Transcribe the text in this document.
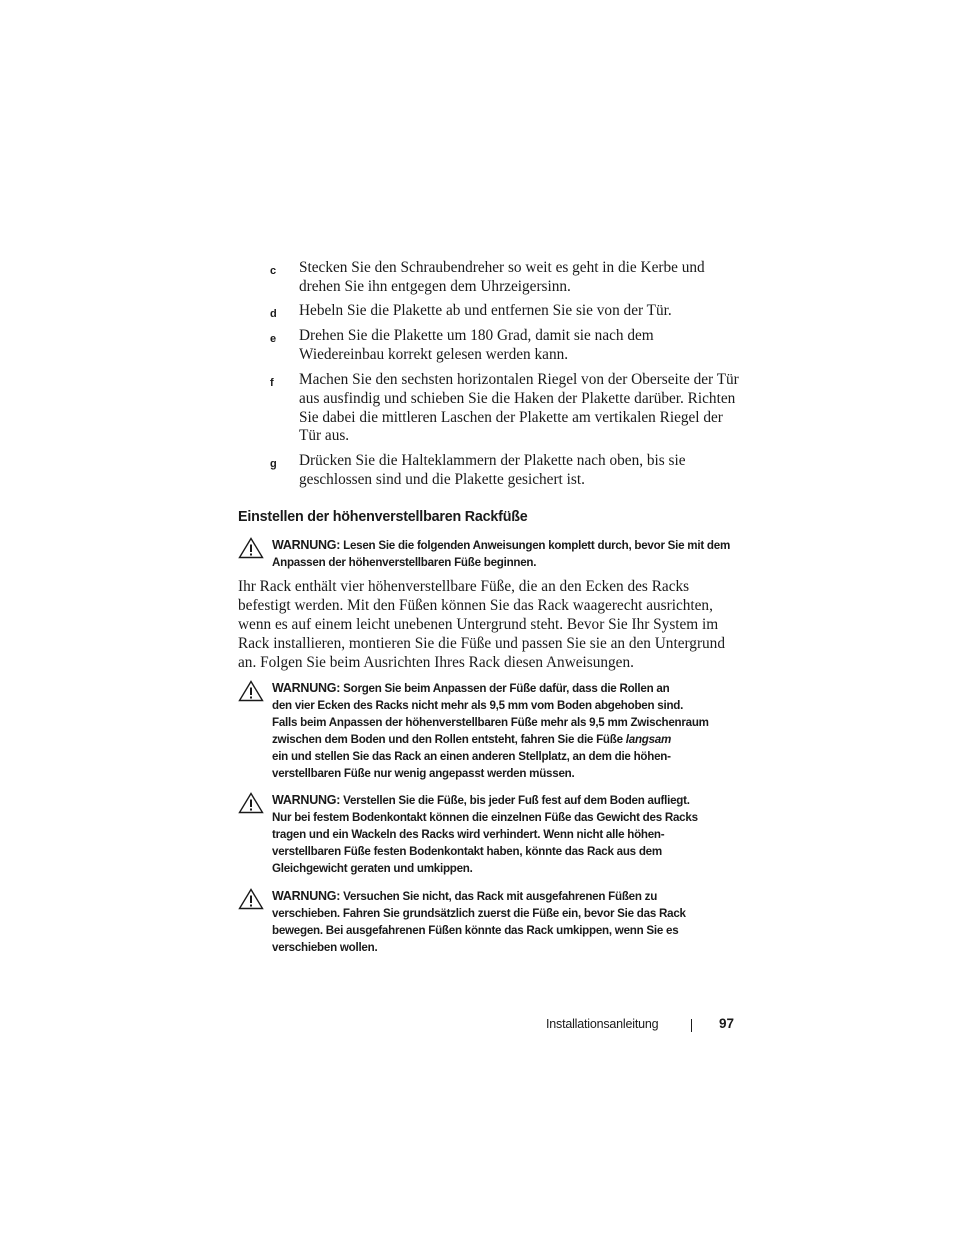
c	Stecken Sie den Schraubendreher so weit es geht in die Kerbe und drehen Sie ihn entgegen dem Uhrzeigersinn.
d	Hebeln Sie die Plakette ab und entfernen Sie sie von der Tür.
e	Drehen Sie die Plakette um 180 Grad, damit sie nach dem Wiedereinbau korrekt gelesen werden kann.
f	Machen Sie den sechsten horizontalen Riegel von der Oberseite der Tür aus ausfindig und schieben Sie die Haken der Plakette darüber. Richten Sie dabei die mittleren Laschen der Plakette am vertikalen Riegel der Tür aus.
g	Drücken Sie die Halteklammern der Plakette nach oben, bis sie geschlossen sind und die Plakette gesichert ist.
Einstellen der höhenverstellbaren Rackfüße
WARNUNG: Lesen Sie die folgenden Anweisungen komplett durch, bevor Sie mit dem Anpassen der höhenverstellbaren Füße beginnen.
Ihr Rack enthält vier höhenverstellbare Füße, die an den Ecken des Racks befestigt werden. Mit den Füßen können Sie das Rack waagerecht ausrichten, wenn es auf einem leicht unebenen Untergrund steht. Bevor Sie Ihr System im Rack installieren, montieren Sie die Füße und passen Sie sie an den Untergrund an. Folgen Sie beim Ausrichten Ihres Rack diesen Anweisungen.
WARNUNG: Sorgen Sie beim Anpassen der Füße dafür, dass die Rollen an
den vier Ecken des Racks nicht mehr als 9,5 mm vom Boden abgehoben sind.
Falls beim Anpassen der höhenverstellbaren Füße mehr als 9,5 mm Zwischenraum
zwischen dem Boden und den Rollen entsteht, fahren Sie die Füße langsam
ein und stellen Sie das Rack an einen anderen Stellplatz, an dem die höhen-
verstellbaren Füße nur wenig angepasst werden müssen.
WARNUNG: Verstellen Sie die Füße, bis jeder Fuß fest auf dem Boden aufliegt.
Nur bei festem Bodenkontakt können die einzelnen Füße das Gewicht des Racks
tragen und ein Wackeln des Racks wird verhindert. Wenn nicht alle höhen-
verstellbaren Füße festen Bodenkontakt haben, könnte das Rack aus dem
Gleichgewicht geraten und umkippen.
WARNUNG: Versuchen Sie nicht, das Rack mit ausgefahrenen Füßen zu
verschieben. Fahren Sie grundsätzlich zuerst die Füße ein, bevor Sie das Rack
bewegen. Bei ausgefahrenen Füßen könnte das Rack umkippen, wenn Sie es
verschieben wollen.
Installationsanleitung	97
